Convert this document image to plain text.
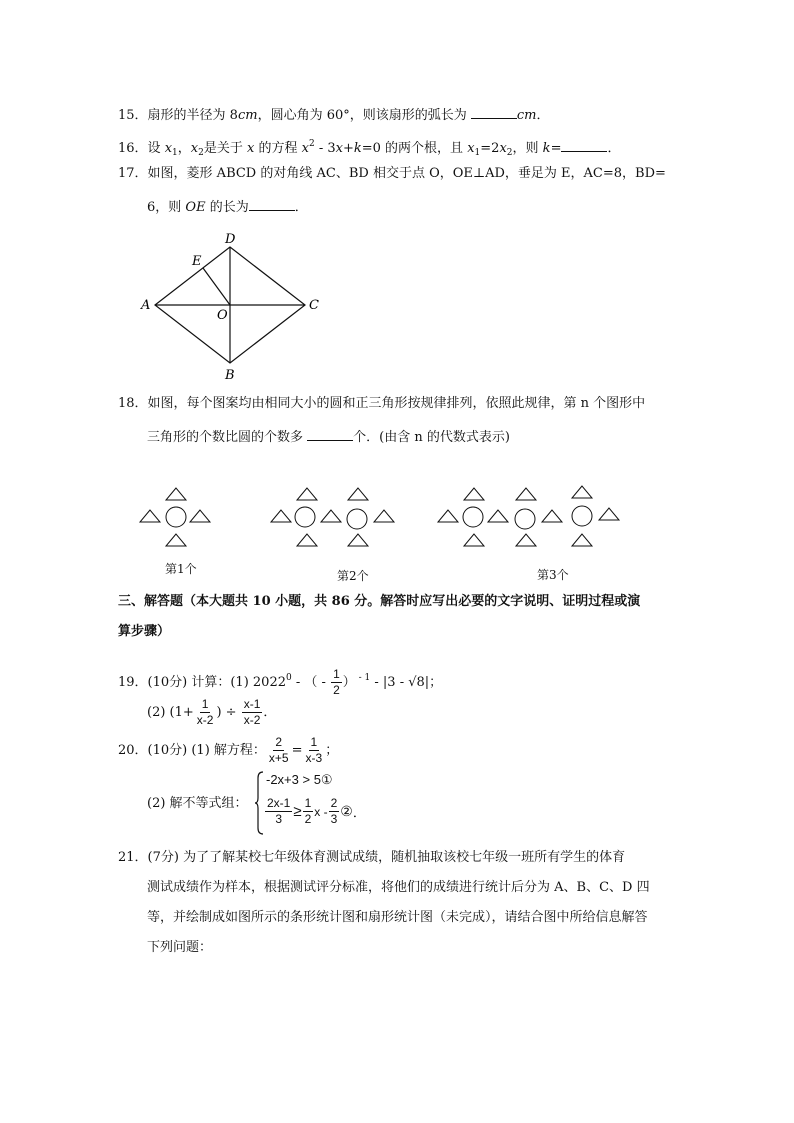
15．扇形的半径为 8cm，圆心角为 60°，则该扇形的弧长为	cm．
16．设 $x_1$，$x_2$是关于 x 的方程 $x^2 - 3x+k=0$ 的两个根，且 $x_1=2x_2$，则 k=	．
17．如图，菱形 ABCD 的对角线 AC、BD 相交于点 O，OE⊥AD，垂足为 E，AC=8，BD=
6，则 OE 的长为	．
A	C
D
B
E
O
18．如图，每个图案均由相同大小的圆和正三角形按规律排列，依照此规律，第 n 个图形中
三角形的个数比圆的个数多	个．(由含 n 的代数式表示)
第1个	第2个	第3个
三、解答题（本大题共 10 小题，共 86 分。解答时应写出必要的文字说明、证明过程或演
算步骤）
19．(10分) 计算：(1) 2022$^0$ - （ - $\frac{1}{2}$ ） $^{- 1}$ - |3 - √8|；
(2) ($1+ \frac{1}{x-2}$ ) ÷ $\frac{x-1}{x-2}$ ．
20．(10分) (1) 解方程： $\frac{2}{x+5} = \frac{1}{x-3}$ ；
(2) 解不等式组：
-2x+3 > 5①
$\frac{2x-1}{3} \ge \frac{1}{2}$ x - $\frac{2}{3}$ ② ．
21．(7分) 为了了解某校七年级体育测试成绩，随机抽取该校七年级一班所有学生的体育
测试成绩作为样本，根据测试评分标准，将他们的成绩进行统计后分为 A、B、C、D 四
等，并绘制成如图所示的条形统计图和扇形统计图（未完成），请结合图中所给信息解答
下列问题：
